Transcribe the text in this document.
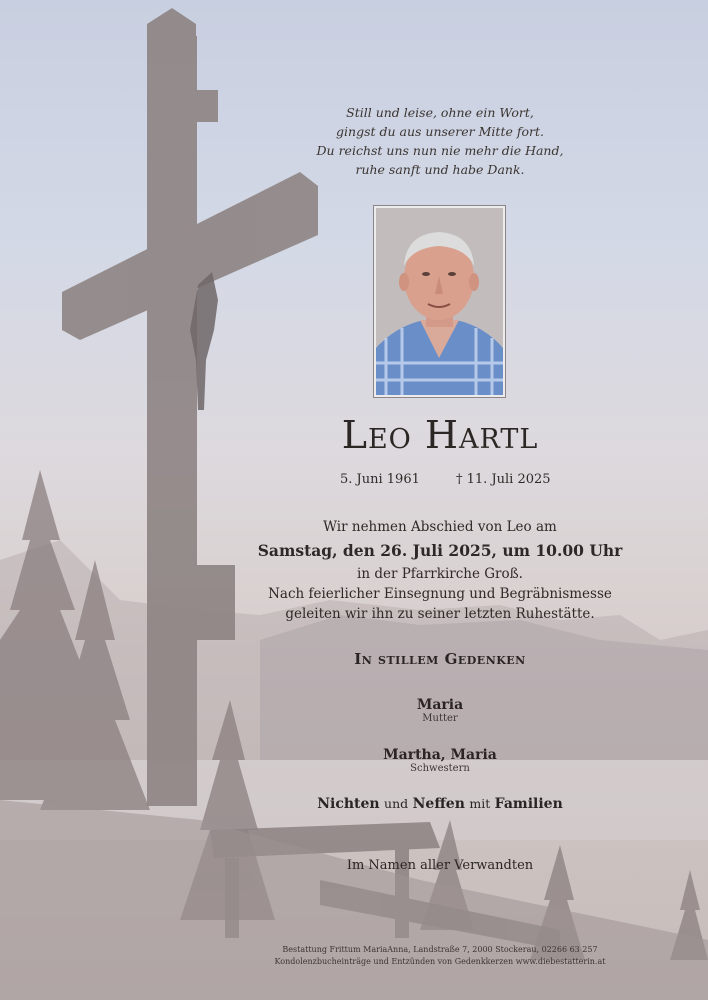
Still und leise, ohne ein Wort,
gingst du aus unserer Mitte fort.
Du reichst uns nun nie mehr die Hand,
ruhe sanft und habe Dank.
Leo Hartl
5. Juni 1961	† 11. Juli 2025
Wir nehmen Abschied von Leo am
Samstag, den 26. Juli 2025, um 10.00 Uhr
in der Pfarrkirche Groß.
Nach feierlicher Einsegnung und Begräbnismesse
geleiten wir ihn zu seiner letzten Ruhestätte.
In stillem Gedenken
Maria
Mutter
Martha, Maria
Schwestern
Nichten und Neffen mit Familien
Im Namen aller Verwandten
Bestattung Frittum MariaAnna, Landstraße 7, 2000 Stockerau, 02266 63 257
Kondolenzbucheinträge und Entzünden von Gedenkkerzen www.diebestatterin.at
